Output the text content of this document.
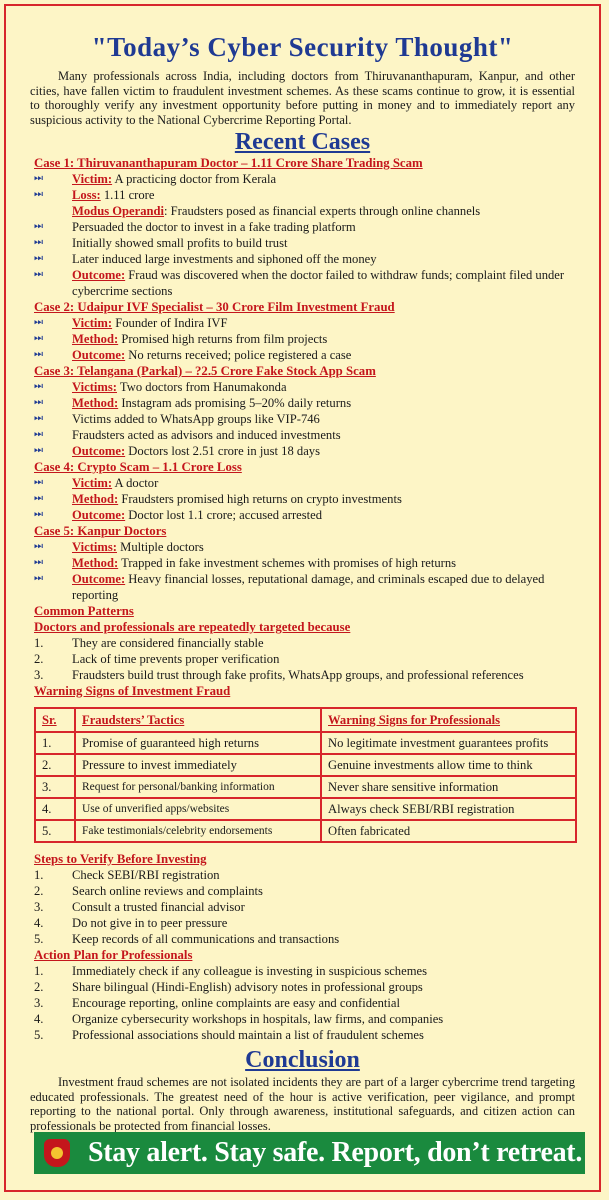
"Today’s Cyber Security Thought"
Many professionals across India, including doctors from Thiruvananthapuram, Kanpur, and other cities, have fallen victim to fraudulent investment schemes. As these scams continue to grow, it is essential to thoroughly verify any investment opportunity before putting in money and to immediately report any suspicious activity to the National Cybercrime Reporting Portal.
Recent Cases
Case 1: Thiruvananthapuram Doctor – 1.11 Crore Share Trading Scam
⏭	Victim: A practicing doctor from Kerala
⏭	Loss: 1.11 crore
Modus Operandi: Fraudsters posed as financial experts through online channels
⏭	Persuaded the doctor to invest in a fake trading platform
⏭	Initially showed small profits to build trust
⏭	Later induced large investments and siphoned off the money
⏭	Outcome: Fraud was discovered when the doctor failed to withdraw funds; complaint filed under cybercrime sections
Case 2: Udaipur IVF Specialist – 30 Crore Film Investment Fraud
⏭	Victim: Founder of Indira IVF
⏭	Method: Promised high returns from film projects
⏭	Outcome: No returns received; police registered a case
Case 3: Telangana (Parkal) – ?2.5 Crore Fake Stock App Scam
⏭	Victims: Two doctors from Hanumakonda
⏭	Method: Instagram ads promising 5–20% daily returns
⏭	Victims added to WhatsApp groups like VIP-746
⏭	Fraudsters acted as advisors and induced investments
⏭	Outcome: Doctors lost 2.51 crore in just 18 days
Case 4: Crypto Scam – 1.1 Crore Loss
⏭	Victim: A doctor
⏭	Method: Fraudsters promised high returns on crypto investments
⏭	Outcome: Doctor lost 1.1 crore; accused arrested
Case 5: Kanpur Doctors
⏭	Victims: Multiple doctors
⏭	Method: Trapped in fake investment schemes with promises of high returns
⏭	Outcome: Heavy financial losses, reputational damage, and criminals escaped due to delayed reporting
Common Patterns
Doctors and professionals are repeatedly targeted because
1.	They are considered financially stable
2.	Lack of time prevents proper verification
3.	Fraudsters build trust through fake profits, WhatsApp groups, and professional references
Warning Signs of Investment Fraud
Sr.	Fraudsters’ Tactics	Warning Signs for Professionals
1.	Promise of guaranteed high returns	No legitimate investment guarantees profits
2.	Pressure to invest immediately	Genuine investments allow time to think
3.	Request for personal/banking information	Never share sensitive information
4.	Use of unverified apps/websites	Always check SEBI/RBI registration
5.	Fake testimonials/celebrity endorsements	Often fabricated
Steps to Verify Before Investing
1.	Check SEBI/RBI registration
2.	Search online reviews and complaints
3.	Consult a trusted financial advisor
4.	Do not give in to peer pressure
5.	Keep records of all communications and transactions
Action Plan for Professionals
1.	Immediately check if any colleague is investing in suspicious schemes
2.	Share bilingual (Hindi-English) advisory notes in professional groups
3.	Encourage reporting, online complaints are easy and confidential
4.	Organize cybersecurity workshops in hospitals, law firms, and companies
5.	Professional associations should maintain a list of fraudulent schemes
Conclusion
Investment fraud schemes are not isolated incidents they are part of a larger cybercrime trend targeting educated professionals. The greatest need of the hour is active verification, peer vigilance, and prompt reporting to the national portal. Only through awareness, institutional safeguards, and citizen action can professionals be protected from financial losses.
Stay alert. Stay safe. Report, don’t retreat.
